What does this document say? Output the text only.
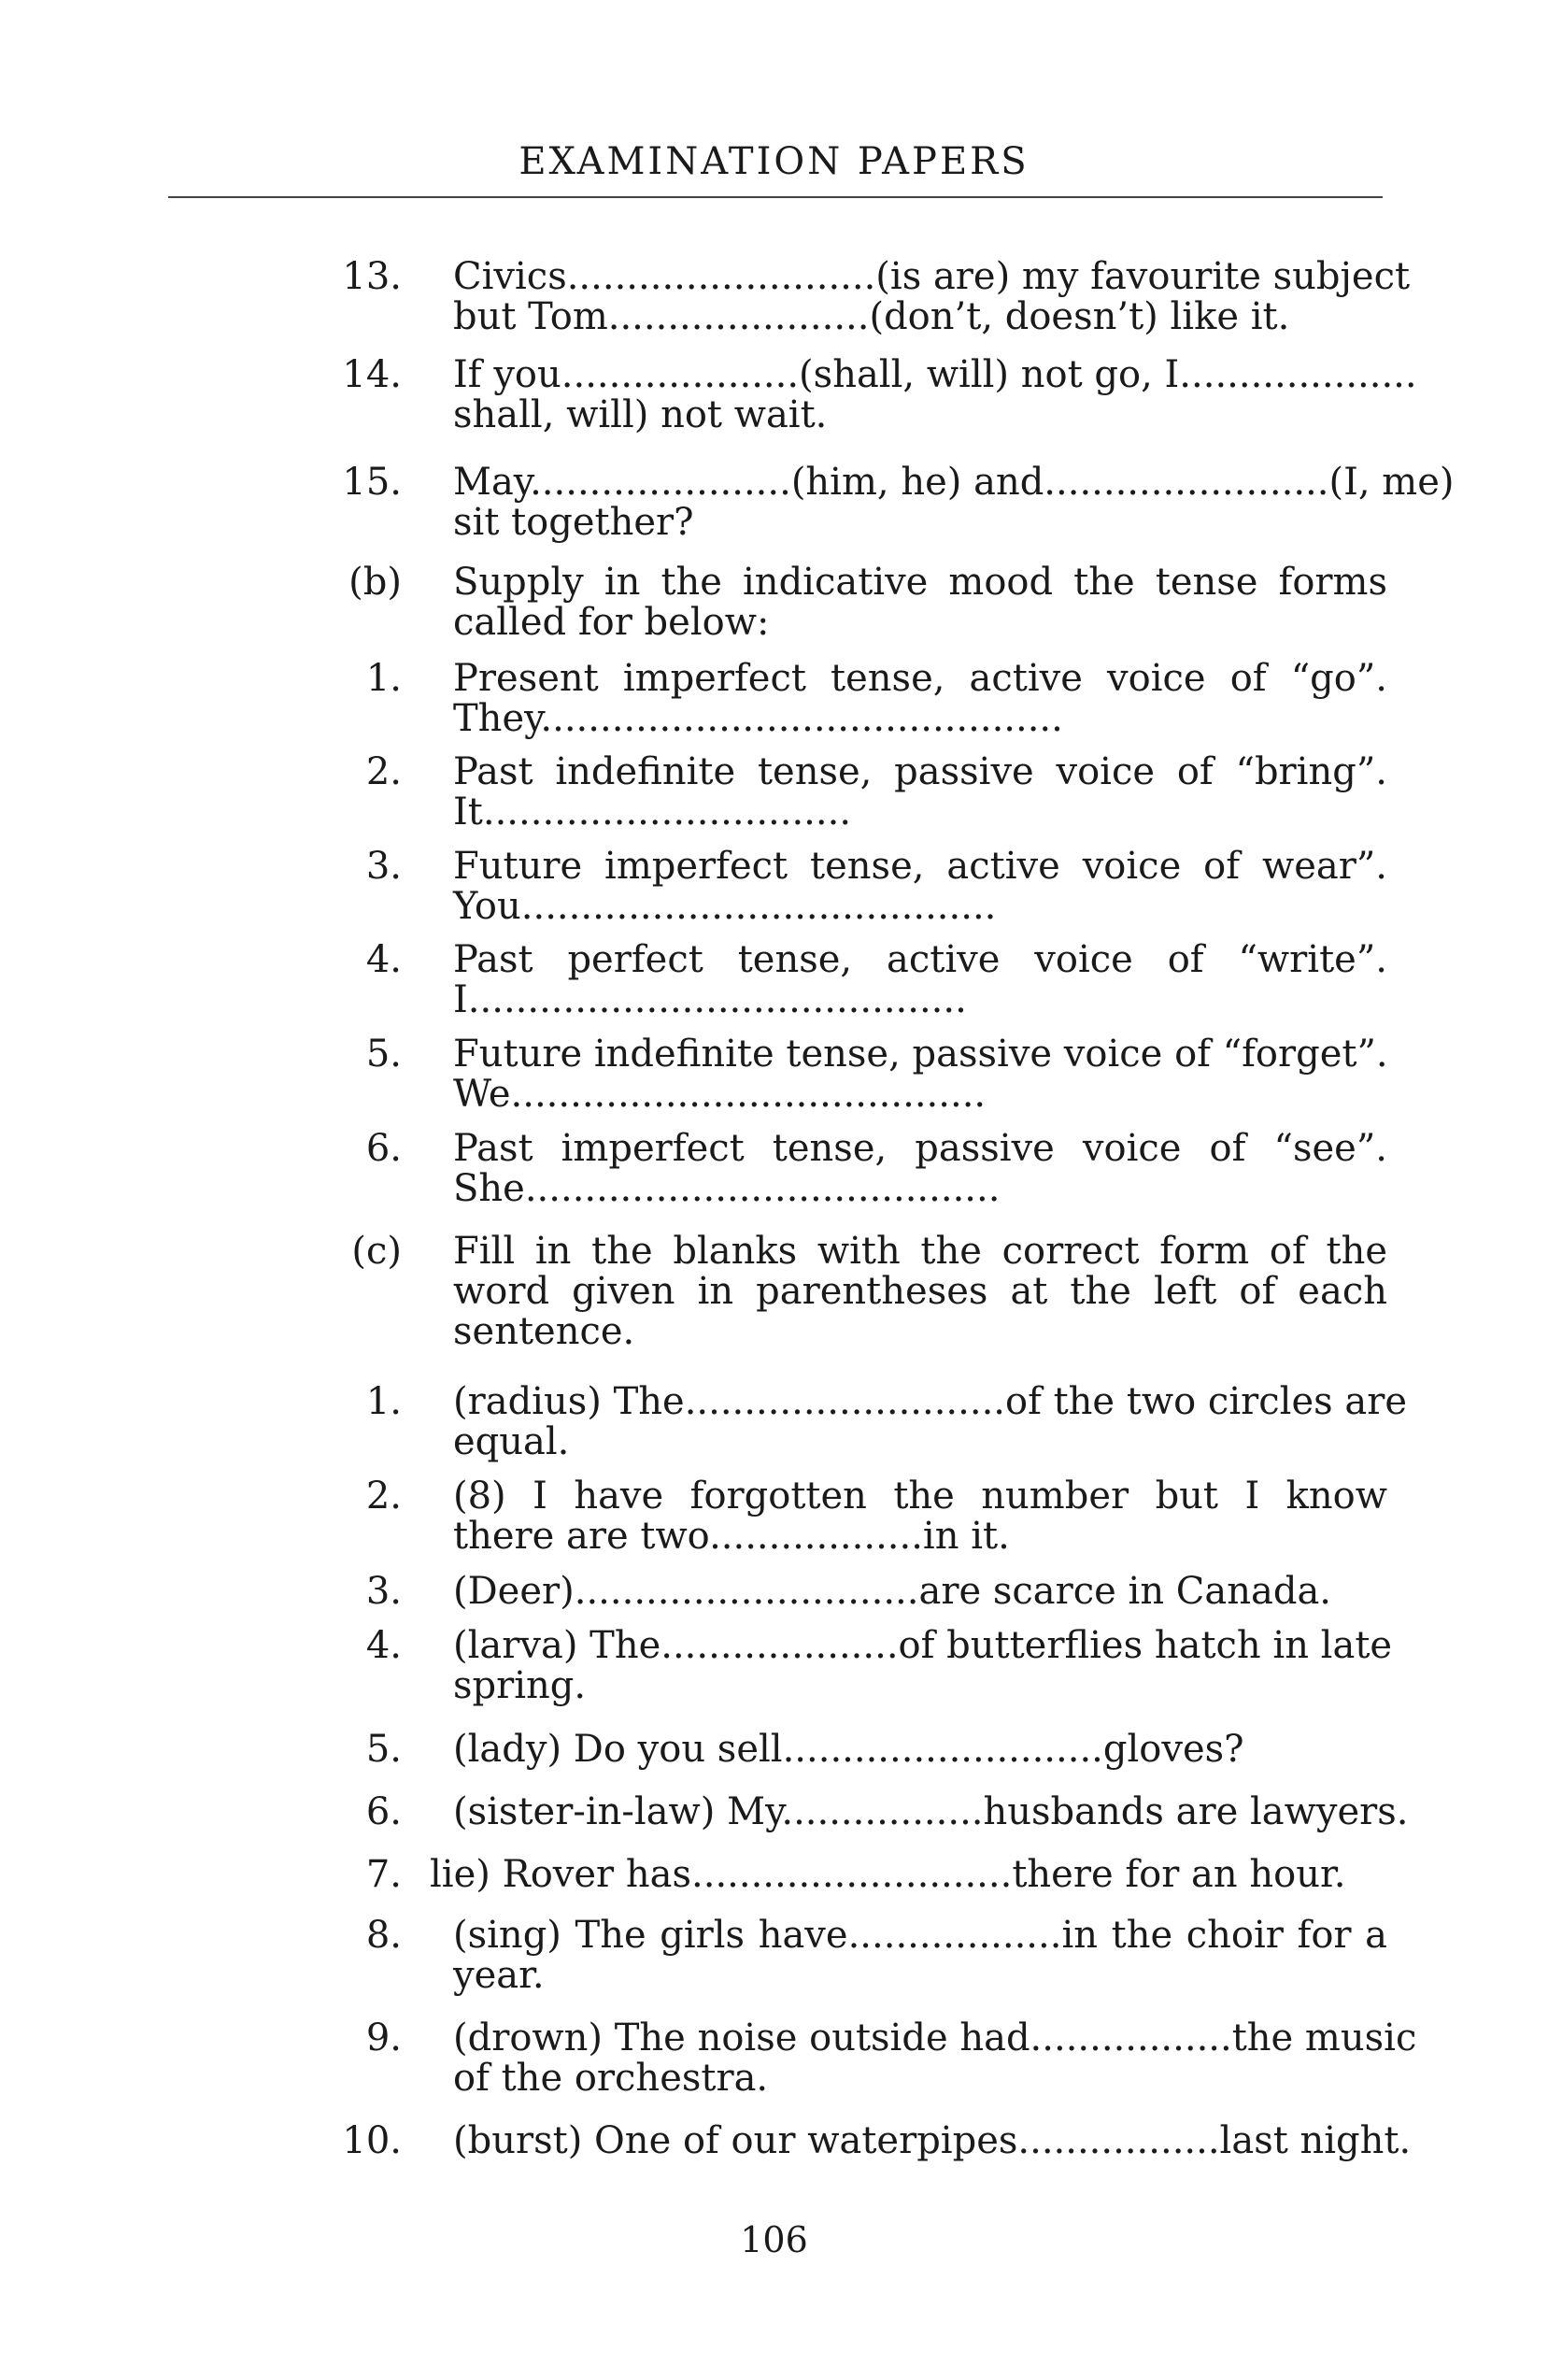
EXAMINATION PAPERS
13. Civics..........................(is are) my favourite subject
but Tom......................(don’t, doesn’t) like it.
14. If you....................(shall, will) not go, I....................
shall, will) not wait.
15. May......................(him, he) and........................(I, me)
sit together?
(b) Supply in the indicative mood the tense forms
called for below:
1. Present imperfect tense, active voice of “go”.
They............................................
2. Past indefinite tense, passive voice of “bring”.
It...............................
3. Future imperfect tense, active voice of wear”.
You........................................
4. Past perfect tense, active voice of “write”.
I..........................................
5. Future indefinite tense, passive voice of “forget”.
We........................................
6. Past imperfect tense, passive voice of “see”.
She........................................
(c) Fill in the blanks with the correct form of the
word given in parentheses at the left of each
sentence.
1. (radius) The...........................of the two circles are
equal.
2. (8) I have forgotten the number but I know
there are two..................in it.
3. (Deer).............................are scarce in Canada.
4. (larva) The....................of butterflies hatch in late
spring.
5. (lady) Do you sell...........................gloves?
6. (sister-in-law) My.................husbands are lawyers.
7. lie) Rover has...........................there for an hour.
8. (sing) The girls have..................in the choir for a
year.
9. (drown) The noise outside had.................the music
of the orchestra.
10. (burst) One of our waterpipes.................last night.
106
